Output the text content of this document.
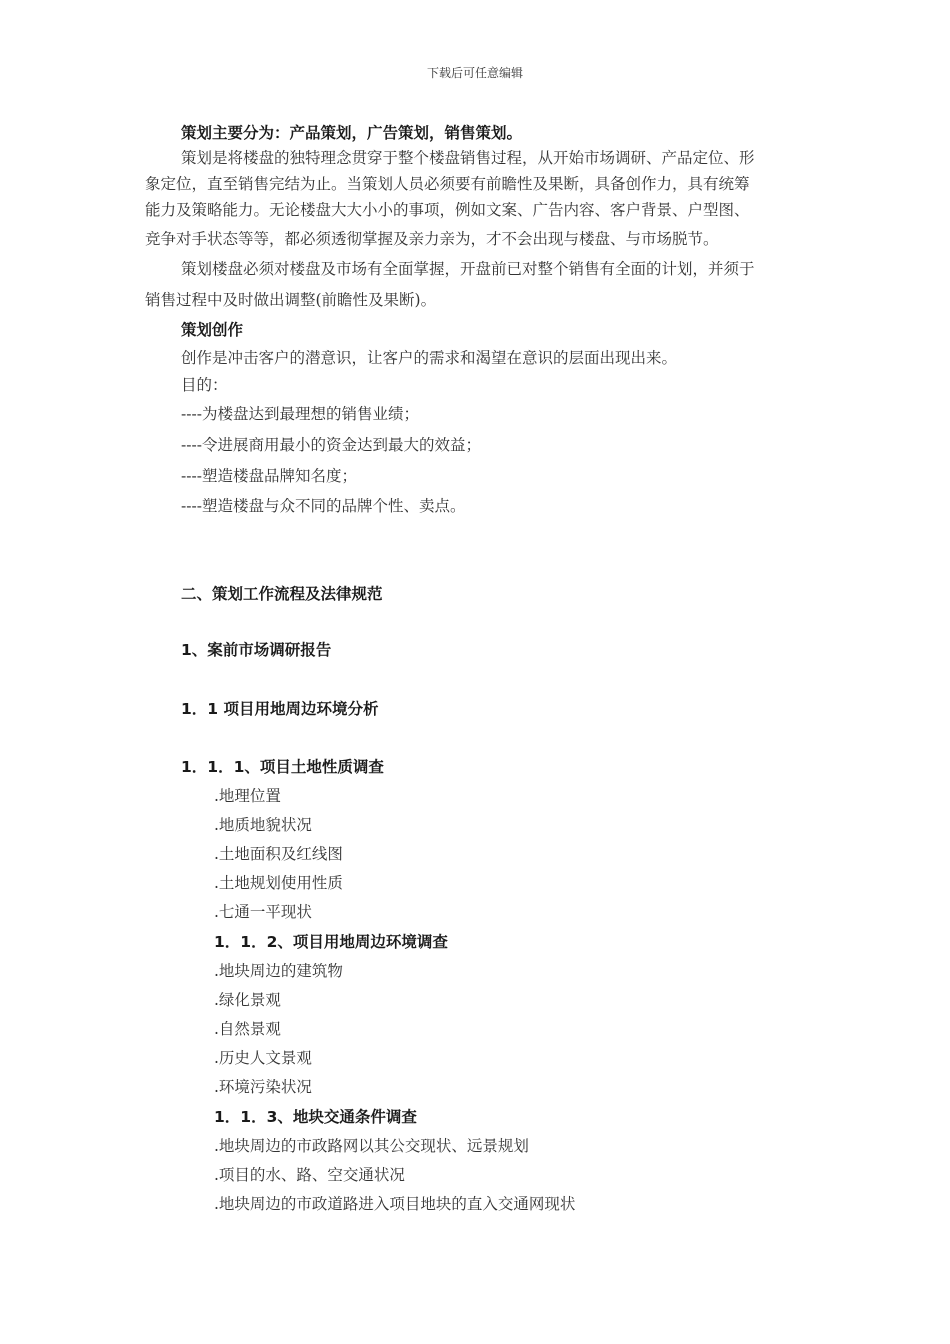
下载后可任意编辑
策划主要分为：产品策划，广告策划，销售策划。
策划是将楼盘的独特理念贯穿于整个楼盘销售过程，从开始市场调研、产品定位、形
象定位，直至销售完结为止。当策划人员必须要有前瞻性及果断，具备创作力，具有统筹
能力及策略能力。无论楼盘大大小小的事项，例如文案、广告内容、客户背景、户型图、
竞争对手状态等等，都必须透彻掌握及亲力亲为，才不会出现与楼盘、与市场脱节。
策划楼盘必须对楼盘及市场有全面掌握，开盘前已对整个销售有全面的计划，并须于
销售过程中及时做出调整(前瞻性及果断)。
策划创作
创作是冲击客户的潜意识，让客户的需求和渴望在意识的层面出现出来。
目的：
----为楼盘达到最理想的销售业绩；
----令进展商用最小的资金达到最大的效益；
----塑造楼盘品牌知名度；
----塑造楼盘与众不同的品牌个性、卖点。
二、策划工作流程及法律规范
1、案前市场调研报告
1．1 项目用地周边环境分析
1．1．1、项目土地性质调查
.地理位置
.地质地貌状况
.土地面积及红线图
.土地规划使用性质
.七通一平现状
1．1．2、项目用地周边环境调查
.地块周边的建筑物
.绿化景观
.自然景观
.历史人文景观
.环境污染状况
1．1．3、地块交通条件调查
.地块周边的市政路网以其公交现状、远景规划
.项目的水、路、空交通状况
.地块周边的市政道路进入项目地块的直入交通网现状
